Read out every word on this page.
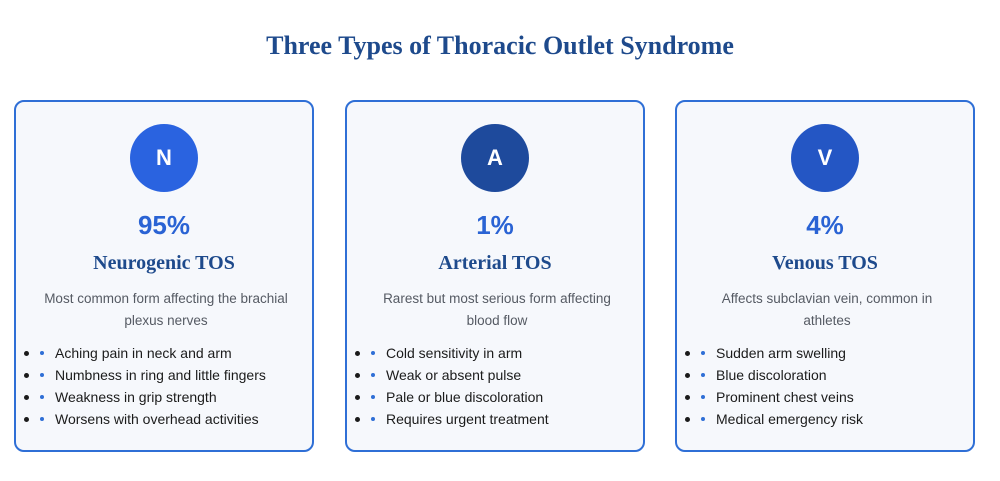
Three Types of Thoracic Outlet Syndrome
N
95%
Neurogenic TOS
Most common form affecting the brachial plexus nerves
Aching pain in neck and arm
Numbness in ring and little fingers
Weakness in grip strength
Worsens with overhead activities
A
1%
Arterial TOS
Rarest but most serious form affecting blood flow
Cold sensitivity in arm
Weak or absent pulse
Pale or blue discoloration
Requires urgent treatment
V
4%
Venous TOS
Affects subclavian vein, common in athletes
Sudden arm swelling
Blue discoloration
Prominent chest veins
Medical emergency risk
